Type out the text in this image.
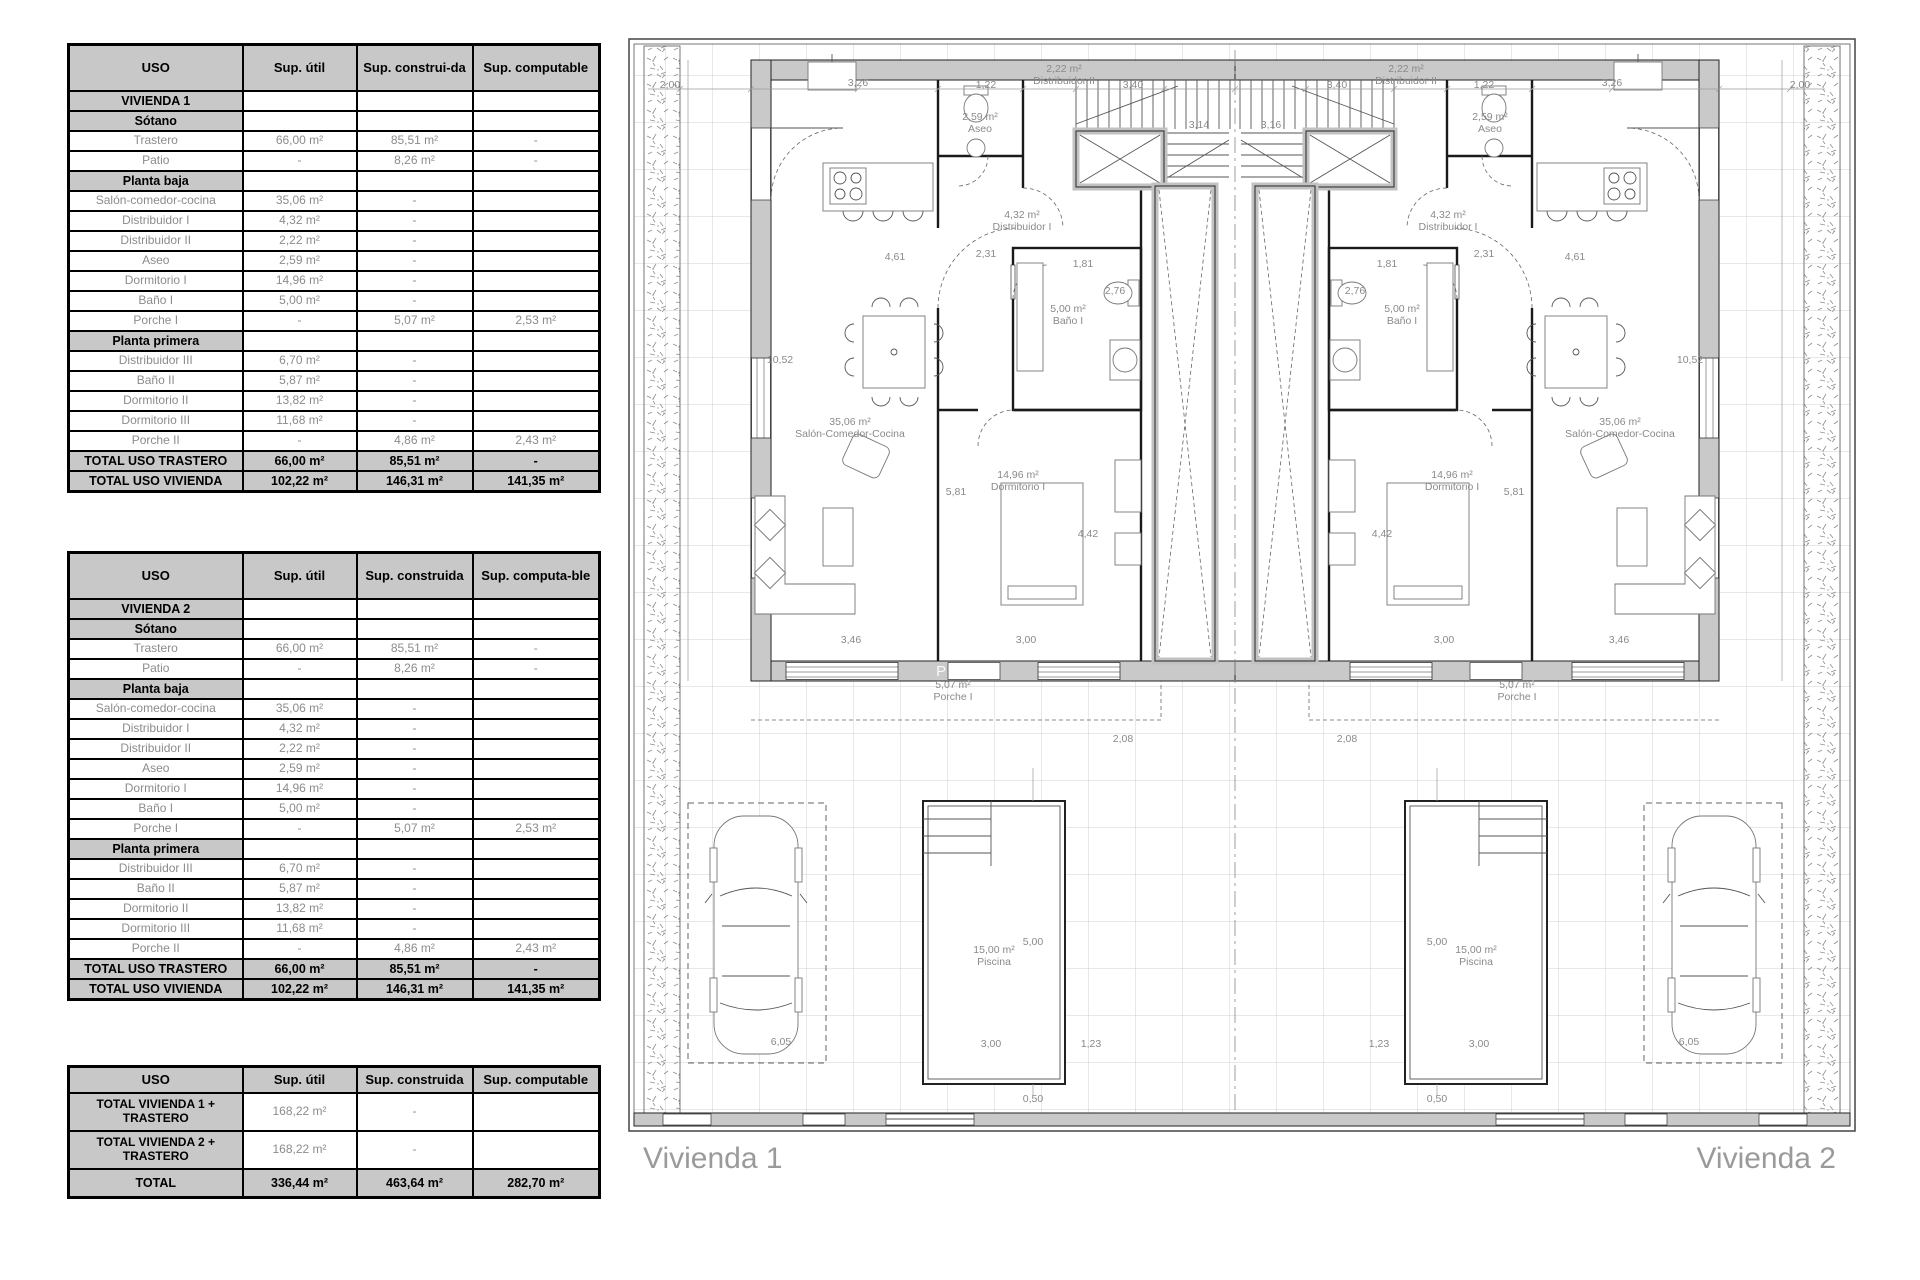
USO	Sup. útil	Sup. construi-da	Sup. computable
VIVIENDA 1			
Sótano			
Trastero	66,00 m²	85,51 m²	-
Patio	-	8,26 m²	-
Planta baja			
Salón-comedor-cocina	35,06 m²	-	
Distribuidor I	4,32 m²	-	
Distribuidor II	2,22 m²	-	
Aseo	2,59 m²	-	
Dormitorio I	14,96 m²	-	
Baño I	5,00 m²	-	
Porche I	-	5,07 m²	2,53 m²
Planta primera			
Distribuidor III	6,70 m²	-	
Baño II	5,87 m²	-	
Dormitorio II	13,82 m²	-	
Dormitorio III	11,68 m²	-	
Porche II	-	4,86 m²	2,43 m²
TOTAL USO TRASTERO	66,00 m²	85,51 m²	-
TOTAL USO VIVIENDA	102,22 m²	146,31 m²	141,35 m²
USO	Sup. útil	Sup. construida	Sup. computa-ble
VIVIENDA 2			
Sótano			
Trastero	66,00 m²	85,51 m²	-
Patio	-	8,26 m²	-
Planta baja			
Salón-comedor-cocina	35,06 m²	-	
Distribuidor I	4,32 m²	-	
Distribuidor II	2,22 m²	-	
Aseo	2,59 m²	-	
Dormitorio I	14,96 m²	-	
Baño I	5,00 m²	-	
Porche I	-	5,07 m²	2,53 m²
Planta primera			
Distribuidor III	6,70 m²	-	
Baño II	5,87 m²	-	
Dormitorio II	13,82 m²	-	
Dormitorio III	11,68 m²	-	
Porche II	-	4,86 m²	2,43 m²
TOTAL USO TRASTERO	66,00 m²	85,51 m²	-
TOTAL USO VIVIENDA	102,22 m²	146,31 m²	141,35 m²
USO	Sup. útil	Sup. construida	Sup. computable
TOTAL VIVIENDA 1 + TRASTERO	168,22 m²	-	
TOTAL VIVIENDA 2 + TRASTERO	168,22 m²	-	
TOTAL	336,44 m²	463,64 m²	282,70 m²
2,00	3,26	1,22
2,22 m² Distribuidor II	3,40
3,14	3,16
3,40
2,22 m² Distribuidor II	1,22	3,26	2,00
2,59 m² Aseo
2,59 m² Aseo
4,32 m² Distribuidor I
4,32 m² Distribuidor I
4,61	4,61
2,31	2,31
1,81	1,81
5,00 m² Baño I
5,00 m² Baño I
2,76	2,76
10,52	10,52
35,06 m² Salón-Comedor-Cocina
35,06 m² Salón-Comedor-Cocina
14,96 m² Dormitorio I
14,96 m² Dormitorio I
5,81	5,81
4,42	4,42
3,46	3,46
3,00	3,00
5,07 m² Porche I
5,07 m² Porche I
2,08	2,08
5,00	5,00
15,00 m² Piscina
15,00 m² Piscina
3,00	3,00
1,23	1,23
0,50	0,50
6,05	6,05
Vivienda 1	Vivienda 2
PERT
